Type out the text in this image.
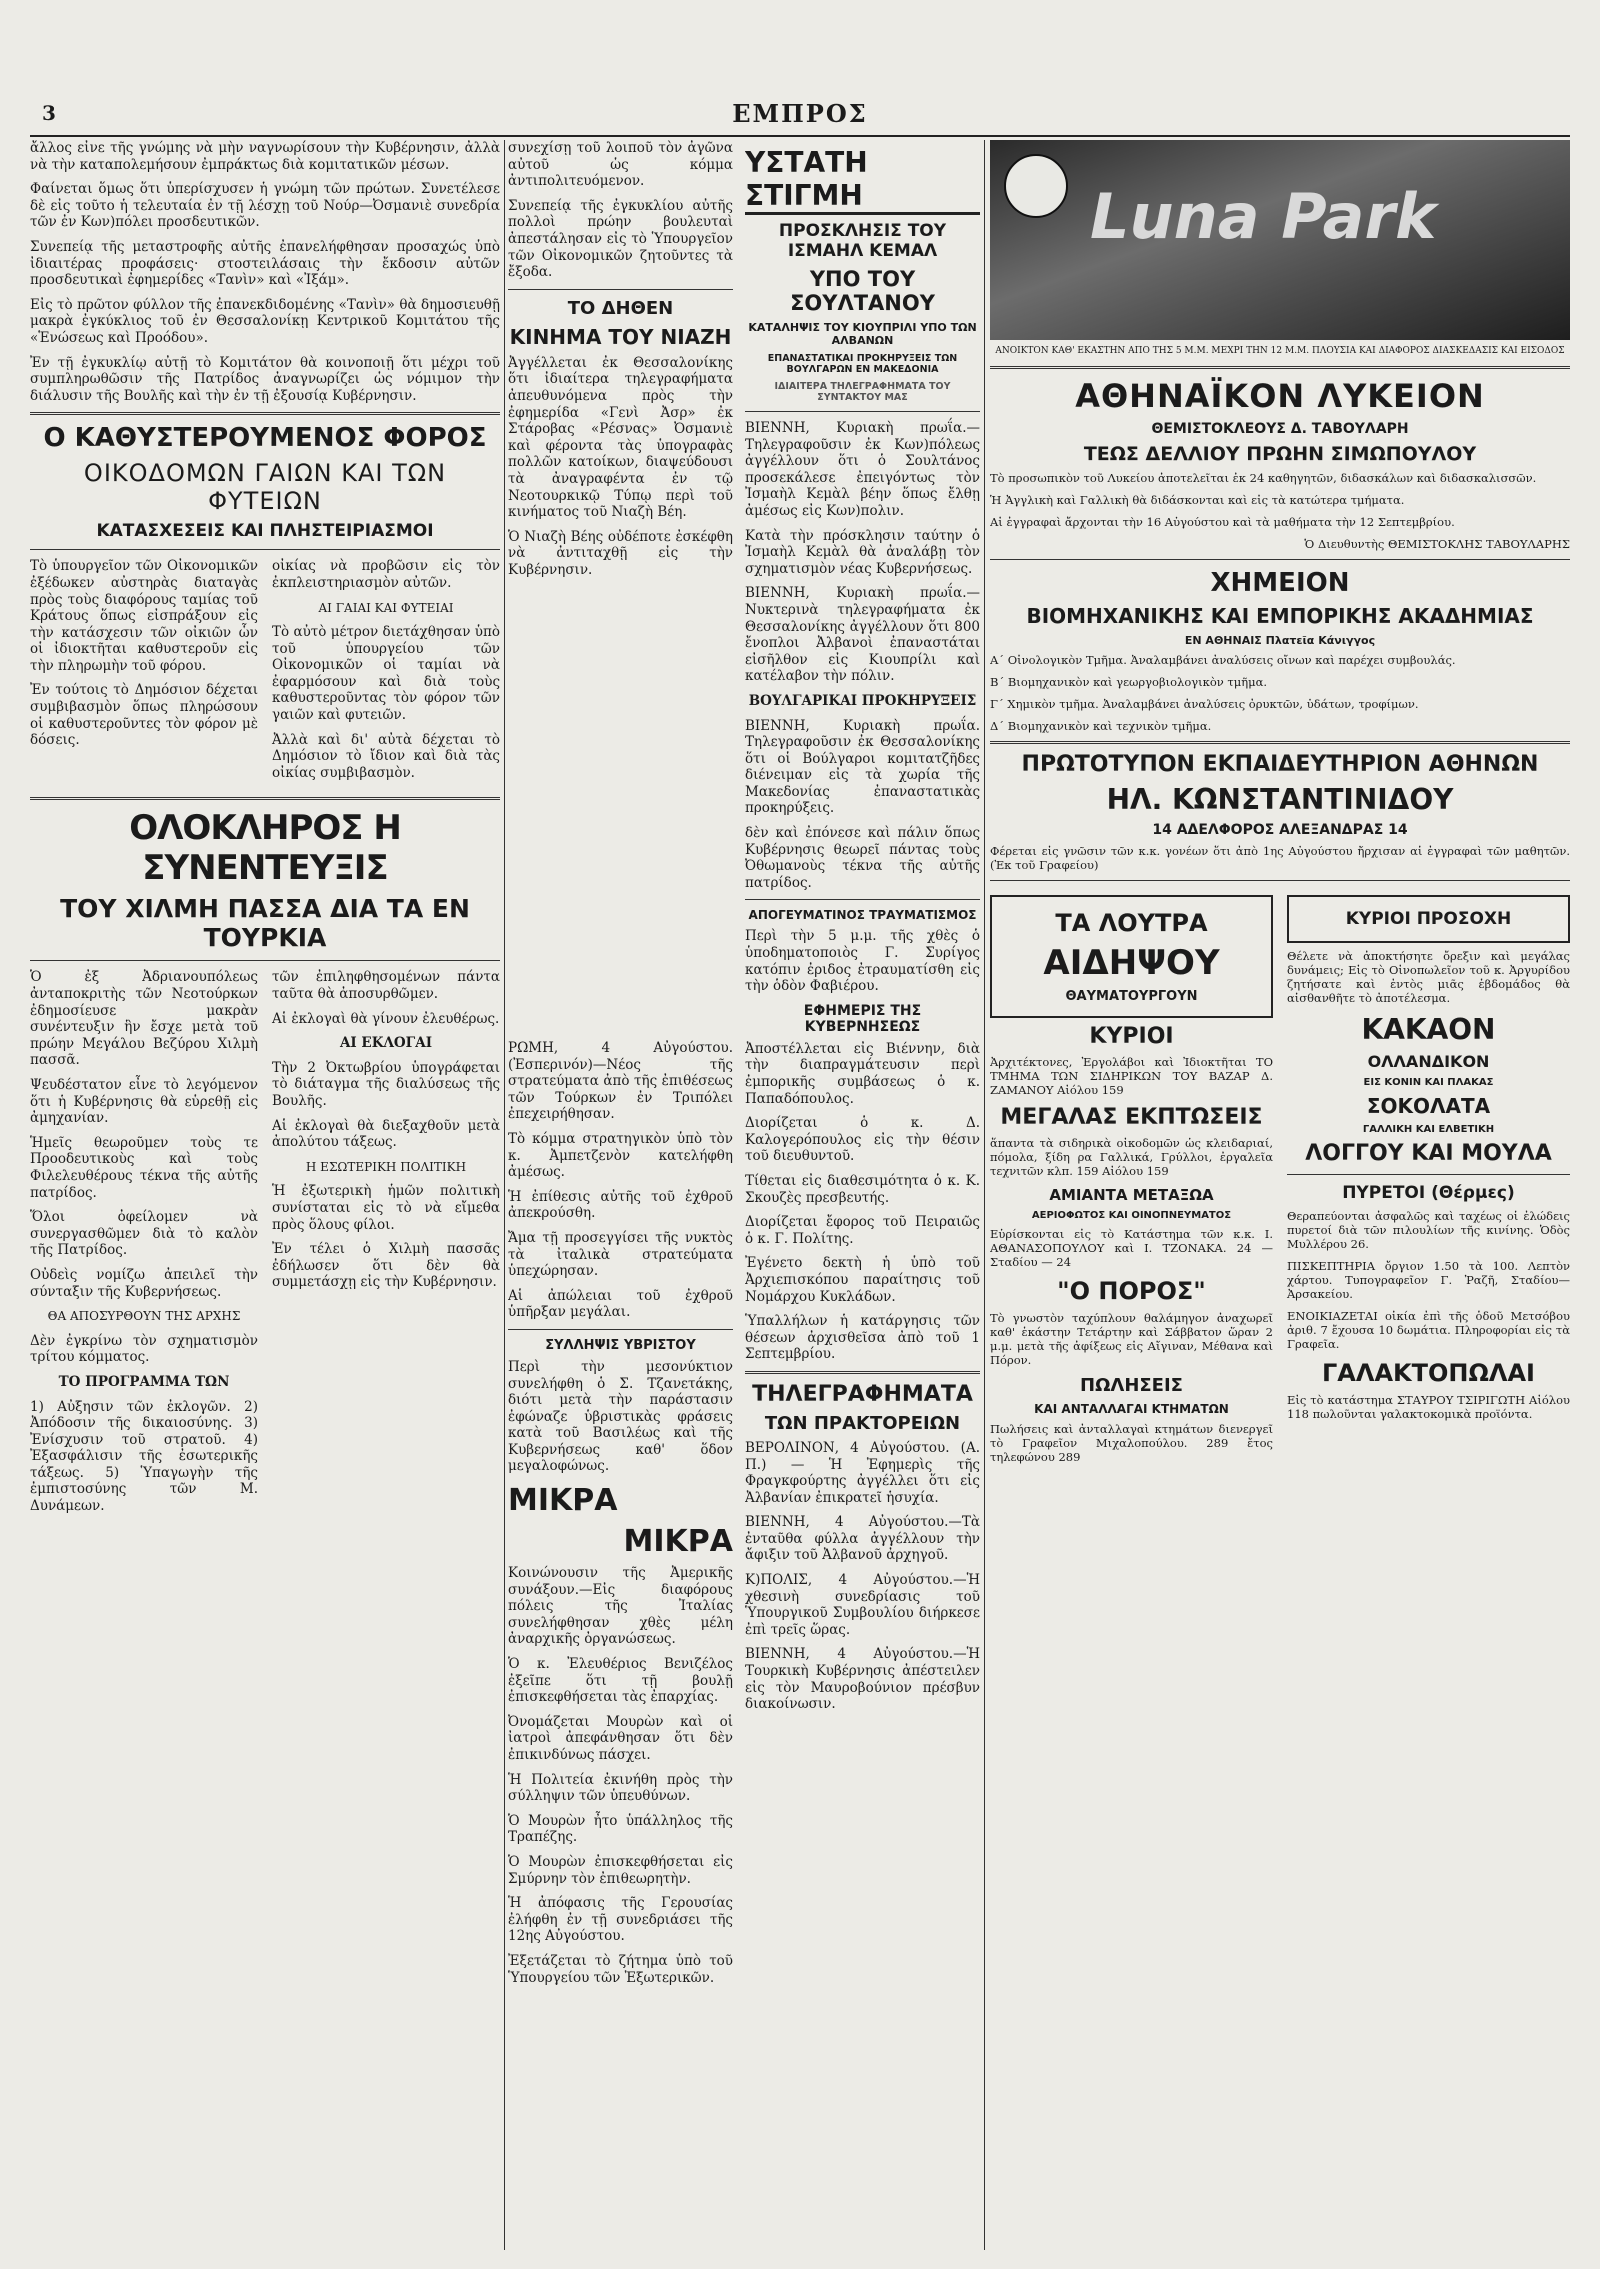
3	ΕΜΠΡΟΣ

ἄλλος εἶνε τῆς γνώμης νὰ μὴν ναγνωρίσουν τὴν Κυβέρνησιν, ἀλλὰ νὰ τὴν καταπολεμήσουν ἐμπράκτως διὰ κομιτατικῶν μέσων.

Φαίνεται ὅμως ὅτι ὑπερίσχυσεν ἡ γνώμη τῶν πρώτων. Συνετέλεσε δὲ εἰς τοῦτο ἡ τελευταία ἐν τῇ λέσχῃ τοῦ Νούρ—Ὀσμανιὲ συνεδρία τῶν ἐν Κων)πόλει προσδευτικῶν.

Συνεπείᾳ τῆς μεταστροφῆς αὐτῆς ἐπανελήφθησαν προσαχώς ὑπὸ ἰδιαιτέρας προφάσεις· στοστειλάσαις τὴν ἔκδοσιν αὐτῶν προσδευτικαὶ ἐφημερίδες «Τανὶν» καὶ «Ἰξάμ».

Εἰς τὸ πρῶτον φύλλον τῆς ἐπανεκδιδομένης «Τανὶν» θὰ δημοσιευθῇ μακρὰ ἐγκύκλιος τοῦ ἐν Θεσσαλονίκῃ Κεντρικοῦ Κομιτάτου τῆς «Ἑνώσεως καὶ Προόδου».

Ἐν τῇ ἐγκυκλίῳ αὐτῇ τὸ Κομιτάτον θὰ κοινοποιῇ ὅτι μέχρι τοῦ συμπληρωθῶσιν τῆς Πατρίδος ἀναγνωρίζει ὡς νόμιμον τὴν διάλυσιν τῆς Βουλῆς καὶ τὴν ἐν τῇ ἐξουσίᾳ Κυβέρνησιν.

Ο ΚΑΘΥΣΤΕΡΟΥΜΕΝΟΣ ΦΟΡΟΣ
ΟΙΚΟΔΟΜΩΝ ΓΑΙΩΝ ΚΑΙ ΤΩΝ ΦΥΤΕΙΩΝ
ΚΑΤΑΣΧΕΣΕΙΣ ΚΑΙ ΠΛΗΣΤΕΙΡΙΑΣΜΟΙ

Τὸ ὑπουργεῖον τῶν Οἰκονομικῶν ἐξέδωκεν αὐστηρὰς διαταγὰς πρὸς τοὺς διαφόρους ταμίας τοῦ Κράτους ὅπως εἰσπράξουν εἰς τὴν κατάσχεσιν τῶν οἰκιῶν ὧν οἱ ἰδιοκτῆται καθυστεροῦν εἰς τὴν πληρωμὴν τοῦ φόρου.

Ἐν τούτοις τὸ Δημόσιον δέχεται συμβιβασμὸν ὅπως πληρώσουν οἱ καθυστεροῦντες τὸν φόρον μὲ δόσεις.

οἰκίας νὰ προβῶσιν εἰς τὸν ἐκπλειστηριασμὸν αὐτῶν.

ΑΙ ΓΑΙΑΙ ΚΑΙ ΦΥΤΕΙΑΙ

Τὸ αὐτὸ μέτρον διετάχθησαν ὑπὸ τοῦ ὑπουργείου τῶν Οἰκονομικῶν οἱ ταμίαι νὰ ἐφαρμόσουν καὶ διὰ τοὺς καθυστεροῦντας τὸν φόρον τῶν γαιῶν καὶ φυτειῶν.

Ἀλλὰ καὶ δι' αὐτὰ δέχεται τὸ Δημόσιον τὸ ἴδιον καὶ διὰ τὰς οἰκίας συμβιβασμὸν.

ΟΛΟΚΛΗΡΟΣ Η ΣΥΝΕΝΤΕΥΞΙΣ
ΤΟΥ ΧΙΛΜΗ ΠΑΣΣΑ ΔΙΑ ΤΑ ΕΝ ΤΟΥΡΚΙΑ

Ὁ ἐξ Ἀδριανουπόλεως ἀνταποκριτὴς τῶν Νεοτούρκων ἐδημοσίευσε μακρὰν συνέντευξιν ἣν ἔσχε μετὰ τοῦ πρώην Μεγάλου Βεζύρου Χιλμὴ πασσᾶ.

Ψευδέστατον εἶνε τὸ λεγόμενον ὅτι ἡ Κυβέρνησις θὰ εὑρεθῇ εἰς ἀμηχανίαν.

Ἡμεῖς θεωροῦμεν τοὺς τε Προοδευτικοὺς καὶ τοὺς Φιλελευθέρους τέκνα τῆς αὐτῆς πατρίδος.

Ὅλοι ὀφείλομεν νὰ συνεργασθῶμεν διὰ τὸ καλὸν τῆς Πατρίδος.

Οὐδεὶς νομίζω ἀπειλεῖ τὴν σύνταξιν τῆς Κυβερνήσεως.

ΘΑ ΑΠΟΣΥΡΘΟΥΝ ΤΗΣ ΑΡΧΗΣ

Δὲν ἐγκρίνω τὸν σχηματισμὸν τρίτου κόμματος.

ΤΟ ΠΡΟΓΡΑΜΜΑ ΤΩΝ

1) Αὐξησιν τῶν ἐκλογῶν. 2) Ἀπόδοσιν τῆς δικαιοσύνης. 3) Ἐνίσχυσιν τοῦ στρατοῦ. 4) Ἐξασφάλισιν τῆς ἐσωτερικῆς τάξεως. 5) Ὑπαγωγὴν τῆς ἐμπιστοσύνης τῶν Μ. Δυνάμεων.

τῶν ἐπιληφθησομένων πάντα ταῦτα θὰ ἀποσυρθῶμεν.

Αἱ ἐκλογαὶ θὰ γίνουν ἐλευθέρως.

ΑΙ ΕΚΛΟΓΑΙ

Τὴν 2 Ὀκτωβρίου ὑπογράφεται τὸ διάταγμα τῆς διαλύσεως τῆς Βουλῆς.

Αἱ ἐκλογαὶ θὰ διεξαχθοῦν μετὰ ἀπολύτου τάξεως.

Η ΕΣΩΤΕΡΙΚΗ ΠΟΛΙΤΙΚΗ

Ἡ ἐξωτερικὴ ἡμῶν πολιτικὴ συνίσταται εἰς τὸ νὰ εἴμεθα πρὸς ὅλους φίλοι.

Ἐν τέλει ὁ Χιλμὴ πασσᾶς ἐδήλωσεν ὅτι δὲν θὰ συμμετάσχῃ εἰς τὴν Κυβέρνησιν.

συνεχίσῃ τοῦ λοιποῦ τὸν ἀγῶνα αὐτοῦ ὡς κόμμα ἀντιπολιτευόμενον.

Συνεπείᾳ τῆς ἐγκυκλίου αὐτῆς πολλοὶ πρώην βουλευταὶ ἀπεστάλησαν εἰς τὸ Ὑπουργεῖον τῶν Οἰκονομικῶν ζητοῦντες τὰ ἔξοδα.

ΤΟ ΔΗΘΕΝ
ΚΙΝΗΜΑ ΤΟΥ ΝΙΑΖΗ

Ἀγγέλλεται ἐκ Θεσσαλονίκης ὅτι ἰδιαίτερα τηλεγραφήματα ἀπευθυνόμενα πρὸς τὴν ἐφημερίδα «Γενὶ Ἀσρ» ἐκ Στάροβας «Ρέσνας» Ὀσμανιὲ καὶ φέροντα τὰς ὑπογραφὰς πολλῶν κατοίκων, διαψεύδουσι τὰ ἀναγραφέντα ἐν τῷ Νεοτουρκικῷ Τύπῳ περὶ τοῦ κινήματος τοῦ Νιαζὴ Βέη.

Ὁ Νιαζὴ Βέης οὐδέποτε ἐσκέφθη νὰ ἀντιταχθῇ εἰς τὴν Κυβέρνησιν.

ΥΣΤΑΤΗ ΣΤΙΓΜΗ
ΠΡΟΣΚΛΗΣΙΣ ΤΟΥ ΙΣΜΑΗΛ ΚΕΜΑΛ
ΥΠΟ ΤΟΥ ΣΟΥΛΤΑΝΟΥ
ΚΑΤΑΛΗΨΙΣ ΤΟΥ ΚΙΟΥΠΡΙΛΙ ΥΠΟ ΤΩΝ ΑΛΒΑΝΩΝ
ΕΠΑΝΑΣΤΑΤΙΚΑΙ ΠΡΟΚΗΡΥΞΕΙΣ ΤΩΝ ΒΟΥΛΓΑΡΩΝ ΕΝ ΜΑΚΕΔΟΝΙΑ
ΙΔΙΑΙΤΕΡΑ ΤΗΛΕΓΡΑΦΗΜΑΤΑ ΤΟΥ ΣΥΝΤΑΚΤΟΥ ΜΑΣ

ΒΙΕΝΝΗ, Κυριακὴ πρωΐα.—Τηλεγραφοῦσιν ἐκ Κων)πόλεως ἀγγέλλουν ὅτι ὁ Σουλτάνος προσεκάλεσε ἐπειγόντως τὸν Ἰσμαὴλ Κεμὰλ βέην ὅπως ἔλθῃ ἀμέσως εἰς Κων)πολιν.

Κατὰ τὴν πρόσκλησιν ταύτην ὁ Ἰσμαὴλ Κεμὰλ θὰ ἀναλάβῃ τὸν σχηματισμὸν νέας Κυβερνήσεως.

ΒΙΕΝΝΗ, Κυριακὴ πρωΐα.—Νυκτερινὰ τηλεγραφήματα ἐκ Θεσσαλονίκης ἀγγέλλουν ὅτι 800 ἔνοπλοι Ἀλβανοὶ ἐπαναστάται εἰσῆλθον εἰς Κιουπρίλι καὶ κατέλαβον τὴν πόλιν.

ΒΟΥΛΓΑΡΙΚΑΙ ΠΡΟΚΗΡΥΞΕΙΣ

ΒΙΕΝΝΗ, Κυριακὴ πρωΐα. Τηλεγραφοῦσιν ἐκ Θεσσαλονίκης ὅτι οἱ Βούλγαροι κομιτατζῆδες διένειμαν εἰς τὰ χωρία τῆς Μακεδονίας ἐπαναστατικὰς προκηρύξεις.

δὲν καὶ ἐπόνεσε καὶ πάλιν ὅπως Κυβέρνησις θεωρεῖ πάντας τοὺς Ὀθωμανοὺς τέκνα τῆς αὐτῆς πατρίδος.

ΑΠΟΓΕΥΜΑΤΙΝΟΣ ΤΡΑΥΜΑΤΙΣΜΟΣ

Περὶ τὴν 5 μ.μ. τῆς χθὲς ὁ ὑποδηματοποιὸς Γ. Συρίγος κατόπιν ἐριδος ἐτραυματίσθη εἰς τὴν ὁδὸν Φαβιέρου.

ΕΦΗΜΕΡΙΣ ΤΗΣ ΚΥΒΕΡΝΗΣΕΩΣ

Ἀποστέλλεται εἰς Βιέννην, διὰ τὴν διαπραγμάτευσιν περὶ ἐμπορικῆς συμβάσεως ὁ κ. Παπαδόπουλος.

Διορίζεται ὁ κ. Δ. Καλογερόπουλος εἰς τὴν θέσιν τοῦ διευθυντοῦ.

Τίθεται εἰς διαθεσιμότητα ὁ κ. Κ. Σκουζὲς πρεσβευτής.

Διορίζεται ἔφορος τοῦ Πειραιῶς ὁ κ. Γ. Πολίτης.

Ἐγένετο δεκτὴ ἡ ὑπὸ τοῦ Ἀρχιεπισκόπου παραίτησις τοῦ Νομάρχου Κυκλάδων.

Ὑπαλλήλων ἡ κατάργησις τῶν θέσεων ἀρχισθεῖσα ἀπὸ τοῦ 1 Σεπτεμβρίου.

ΤΗΛΕΓΡΑΦΗΜΑΤΑ
ΤΩΝ ΠΡΑΚΤΟΡΕΙΩΝ

ΒΕΡΟΛΙΝΟΝ, 4 Αὐγούστου. (Α. Π.) — Ἡ Ἐφημερὶς τῆς Φραγκφούρτης ἀγγέλλει ὅτι εἰς Ἀλβανίαν ἐπικρατεῖ ἡσυχία.

ΒΙΕΝΝΗ, 4 Αὐγούστου.—Τὰ ἐνταῦθα φύλλα ἀγγέλλουν τὴν ἄφιξιν τοῦ Ἀλβανοῦ ἀρχηγοῦ.

Κ)ΠΟΛΙΣ, 4 Αὐγούστου.—Ἡ χθεσινὴ συνεδρίασις τοῦ Ὑπουργικοῦ Συμβουλίου διήρκεσε ἐπὶ τρεῖς ὥρας.

ΒΙΕΝΝΗ, 4 Αὐγούστου.—Ἡ Τουρκικὴ Κυβέρνησις ἀπέστειλεν εἰς τὸν Μαυροβούνιον πρέσβυν διακοίνωσιν.

Luna Park
ΑΝΟΙΚΤΟΝ ΚΑΘ' ΕΚΑΣΤΗΝ ΑΠΟ ΤΗΣ 5 Μ.Μ. ΜΕΧΡΙ ΤΗΝ 12 Μ.Μ. ΠΛΟΥΣΙΑ ΚΑΙ ΔΙΑΦΟΡΟΣ ΔΙΑΣΚΕΔΑΣΙΣ ΚΑΙ ΕΙΣΟΔΟΣ
ΑΘΗΝΑΪΚΟΝ ΛΥΚΕΙΟΝ
ΘΕΜΙΣΤΟΚΛΕΟΥΣ Δ. ΤΑΒΟΥΛΑΡΗ
ΤΕΩΣ ΔΕΛΛΙΟΥ ΠΡΩΗΝ ΣΙΜΩΠΟΥΛΟΥ

Τὸ προσωπικὸν τοῦ Λυκείου ἀποτελεῖται ἐκ 24 καθηγητῶν, διδασκάλων καὶ διδασκαλισσῶν.

Ἡ Ἀγγλικὴ καὶ Γαλλικὴ θὰ διδάσκονται καὶ εἰς τὰ κατώτερα τμήματα.

Αἱ ἐγγραφαὶ ἄρχονται τὴν 16 Αὐγούστου καὶ τὰ μαθήματα τὴν 12 Σεπτεμβρίου.

Ὁ Διευθυντὴς ΘΕΜΙΣΤΟΚΛΗΣ ΤΑΒΟΥΛΑΡΗΣ

ΧΗΜΕΙΟΝ
ΒΙΟΜΗΧΑΝΙΚΗΣ ΚΑΙ ΕΜΠΟΡΙΚΗΣ ΑΚΑΔΗΜΙΑΣ
ΕΝ ΑΘΗΝΑΙΣ Πλατεῖα Κάνιγγος

Α΄ Οἰνολογικὸν Τμῆμα. Ἀναλαμβάνει ἀναλύσεις οἴνων καὶ παρέχει συμβουλάς.

Β΄ Βιομηχανικὸν καὶ γεωργοβιολογικὸν τμῆμα.

Γ΄ Χημικὸν τμῆμα. Ἀναλαμβάνει ἀναλύσεις ὀρυκτῶν, ὑδάτων, τροφίμων.

Δ΄ Βιομηχανικὸν καὶ τεχνικὸν τμῆμα.

ΠΡΩΤΟΤΥΠΟΝ ΕΚΠΑΙΔΕΥΤΗΡΙΟΝ ΑΘΗΝΩΝ
ΗΛ. ΚΩΝΣΤΑΝΤΙΝΙΔΟΥ
14 ΑΔΕΛΦΟΡΟΣ ΑΛΕΞΑΝΔΡΑΣ 14

Φέρεται εἰς γνῶσιν τῶν κ.κ. γονέων ὅτι ἀπὸ 1ης Αὐγούστου ἤρχισαν αἱ ἐγγραφαὶ τῶν μαθητῶν. (Ἐκ τοῦ Γραφείου)

ΤΑ ΛΟΥΤΡΑ
ΑΙΔΗΨΟΥ
ΘΑΥΜΑΤΟΥΡΓΟΥΝ
ΚΥΡΙΟΙ

Ἀρχιτέκτονες, Ἐργολάβοι καὶ Ἰδιοκτῆται ΤΟ ΤΜΗΜΑ ΤΩΝ ΣΙΔΗΡΙΚΩΝ ΤΟΥ ΒΑΖΑΡ Δ. ΖΑΜΑΝΟΥ Αἰόλου 159

ΜΕΓΑΛΑΣ ΕΚΠΤΩΣΕΙΣ

ἅπαντα τὰ σιδηρικὰ οἰκοδομῶν ὡς κλειδαριαί, πόμολα, ξίδη ρα Γαλλικά, Γρύλλοι, ἐργαλεῖα τεχνιτῶν κλπ. 159 Αἰόλου 159

ΑΜΙΑΝΤΑ ΜΕΤΑΞΩΑ
ΑΕΡΙΟΦΩΤΟΣ ΚΑΙ ΟΙΝΟΠΝΕΥΜΑΤΟΣ

Εὑρίσκονται εἰς τὸ Κατάστημα τῶν κ.κ. Ι. ΑΘΑΝΑΣΟΠΟΥΛΟΥ καὶ Ι. ΤΖΟΝΑΚΑ. 24 — Σταδίου — 24

"Ο ΠΟΡΟΣ"

Τὸ γνωστὸν ταχύπλουν θαλάμηγον ἀναχωρεῖ καθ' ἑκάστην Τετάρτην καὶ Σάββατον ὥραν 2 μ.μ. μετὰ τῆς ἀφίξεως εἰς Αἴγιναν, Μέθανα καὶ Πόρον.

ΠΩΛΗΣΕΙΣ
ΚΑΙ ΑΝΤΑΛΛΑΓΑΙ ΚΤΗΜΑΤΩΝ

Πωλήσεις καὶ ἀνταλλαγαὶ κτημάτων διενεργεῖ τὸ Γραφεῖον Μιχαλοπούλου. 289 ἔτος τηλεφώνου 289

ΚΥΡΙΟΙ ΠΡΟΣΟΧΗ

Θέλετε νὰ ἀποκτήσητε ὄρεξιν καὶ μεγάλας δυνάμεις; Εἰς τὸ Οἰνοπωλεῖον τοῦ κ. Ἀργυρίδου ζητήσατε καὶ ἐντὸς μιᾶς ἑβδομάδος θὰ αἰσθανθῆτε τὸ ἀποτέλεσμα.

ΚΑΚΑΟΝ
ΟΛΛΑΝΔΙΚΟΝ
ΕΙΣ ΚΟΝΙΝ ΚΑΙ ΠΛΑΚΑΣ
ΣΟΚΟΛΑΤΑ
ΓΑΛΛΙΚΗ ΚΑΙ ΕΛΒΕΤΙΚΗ
ΛΟΓΓΟΥ ΚΑΙ ΜΟΥΛΑ
ΠΥΡΕΤΟΙ (Θέρμες)

Θεραπεύονται ἀσφαλῶς καὶ ταχέως οἱ ἐλώδεις πυρετοί διὰ τῶν πιλουλίων τῆς κινίνης. Ὁδὸς Μυλλέρου 26.

ΠΙΣΚΕΠΤΗΡΙΑ ὄργιον 1.50 τὰ 100. Λεπτὸν χάρτου. Τυπογραφεῖον Γ. Ῥαζῆ, Σταδίου—Ἀρσακείου.

ΕΝΟΙΚΙΑΖΕΤΑΙ οἰκία ἐπὶ τῆς ὁδοῦ Μετσόβου ἀριθ. 7 ἔχουσα 10 δωμάτια. Πληροφορίαι εἰς τὰ Γραφεῖα.

ΓΑΛΑΚΤΟΠΩΛΑΙ

Εἰς τὸ κατάστημα ΣΤΑΥΡΟΥ ΤΣΙΡΙΓΩΤΗ Αἰόλου 118 πωλοῦνται γαλακτοκομικὰ προϊόντα.

ΡΩΜΗ, 4 Αὐγούστου. (Ἐσπερινόν)—Νέος τῆς στρατεύματα ἀπὸ τῆς ἐπιθέσεως τῶν Τούρκων ἐν Τριπόλει ἐπεχειρήθησαν.

Τὸ κόμμα στρατηγικὸν ὑπὸ τὸν κ. Ἀμπετζενὸν κατελήφθη ἀμέσως.

Ἡ ἐπίθεσις αὐτῆς τοῦ ἐχθροῦ ἀπεκρούσθη.

Ἄμα τῇ προσεγγίσει τῆς νυκτὸς τὰ ἰταλικὰ στρατεύματα ὑπεχώρησαν.

Αἱ ἀπώλειαι τοῦ ἐχθροῦ ὑπῆρξαν μεγάλαι.

ΣΥΛΛΗΨΙΣ ΥΒΡΙΣΤΟΥ

Περὶ τὴν μεσονύκτιον συνελήφθη ὁ Σ. Τζανετάκης, διότι μετὰ τὴν παράστασιν ἐφώναζε ὑβριστικὰς φράσεις κατὰ τοῦ Βασιλέως καὶ τῆς Κυβερνήσεως καθ' ὅδον μεγαλοφώνως.

ΜΙΚΡΑ
ΜΙΚΡΑ

Κοινώνουσιν τῆς Ἀμερικῆς συνάξουν.—Εἰς διαφόρους πόλεις τῆς Ἰταλίας συνελήφθησαν χθὲς μέλη ἀναρχικῆς ὀργανώσεως.

Ὁ κ. Ἐλευθέριος Βενιζέλος ἐξεῖπε ὅτι τῇ βουλῇ ἐπισκεφθήσεται τὰς ἐπαρχίας.

Ὀνομάζεται Μουρὼν καὶ οἱ ἰατροὶ ἀπεφάνθησαν ὅτι δὲν ἐπικινδύνως πάσχει.

Ἡ Πολιτεία ἐκινήθη πρὸς τὴν σύλληψιν τῶν ὑπευθύνων.

Ὁ Μουρὼν ἦτο ὑπάλληλος τῆς Τραπέζης.

Ὁ Μουρὼν ἐπισκεφθήσεται εἰς Σμύρνην τὸν ἐπιθεωρητὴν.

Ἡ ἀπόφασις τῆς Γερουσίας ἐλήφθη ἐν τῇ συνεδριάσει τῆς 12ης Αὐγούστου.

Ἐξετάζεται τὸ ζήτημα ὑπὸ τοῦ Ὑπουργείου τῶν Ἐξωτερικῶν.
